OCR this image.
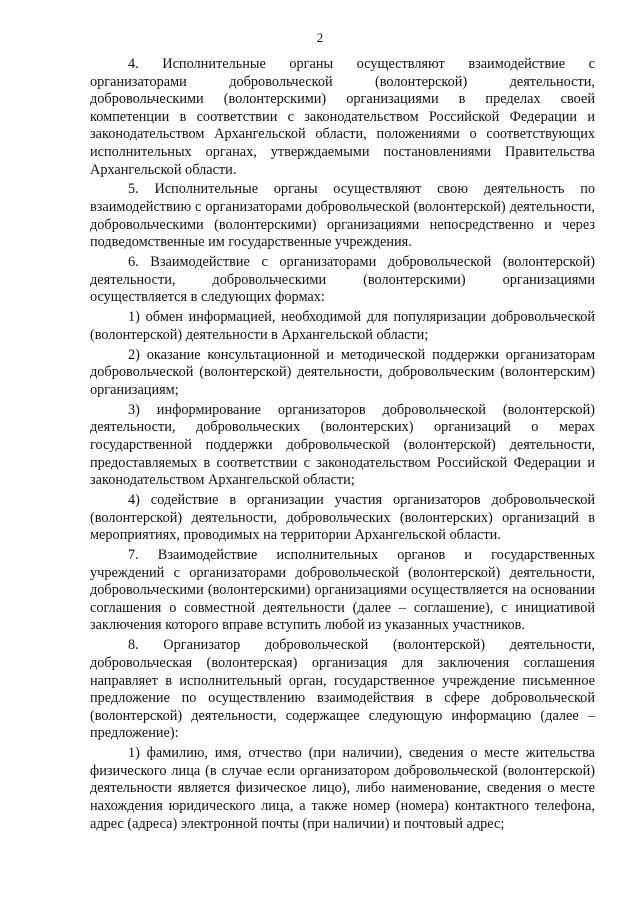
2

4. Исполнительные органы осуществляют взаимодействие с организаторами добровольческой (волонтерской) деятельности, добровольческими (волонтерскими) организациями в пределах своей компетенции в соответствии с законодательством Российской Федерации и законодательством Архангельской области, положениями о соответствующих исполнительных органах, утверждаемыми постановлениями Правительства Архангельской области.

5. Исполнительные органы осуществляют свою деятельность по взаимодействию с организаторами добровольческой (волонтерской) деятельности, добровольческими (волонтерскими) организациями непосредственно и через подведомственные им государственные учреждения.

6. Взаимодействие с организаторами добровольческой (волонтерской) деятельности, добровольческими (волонтерскими) организациями осуществляется в следующих формах:

1) обмен информацией, необходимой для популяризации добровольческой (волонтерской) деятельности в Архангельской области;

2) оказание консультационной и методической поддержки организаторам добровольческой (волонтерской) деятельности, добровольческим (волонтерским) организациям;

3) информирование организаторов добровольческой (волонтерской) деятельности, добровольческих (волонтерских) организаций о мерах государственной поддержки добровольческой (волонтерской) деятельности, предоставляемых в соответствии с законодательством Российской Федерации и законодательством Архангельской области;

4) содействие в организации участия организаторов добровольческой (волонтерской) деятельности, добровольческих (волонтерских) организаций в мероприятиях, проводимых на территории Архангельской области.

7. Взаимодействие исполнительных органов и государственных учреждений с организаторами добровольческой (волонтерской) деятельности, добровольческими (волонтерскими) организациями осуществляется на основании соглашения о совместной деятельности (далее – соглашение), с инициативой заключения которого вправе вступить любой из указанных участников.

8. Организатор добровольческой (волонтерской) деятельности, добровольческая (волонтерская) организация для заключения соглашения направляет в исполнительный орган, государственное учреждение письменное предложение по осуществлению взаимодействия в сфере добровольческой (волонтерской) деятельности, содержащее следующую информацию (далее – предложение):

1) фамилию, имя, отчество (при наличии), сведения о месте жительства физического лица (в случае если организатором добровольческой (волонтерской) деятельности является физическое лицо), либо наименование, сведения о месте нахождения юридического лица, а также номер (номера) контактного телефона, адрес (адреса) электронной почты (при наличии) и почтовый адрес;
